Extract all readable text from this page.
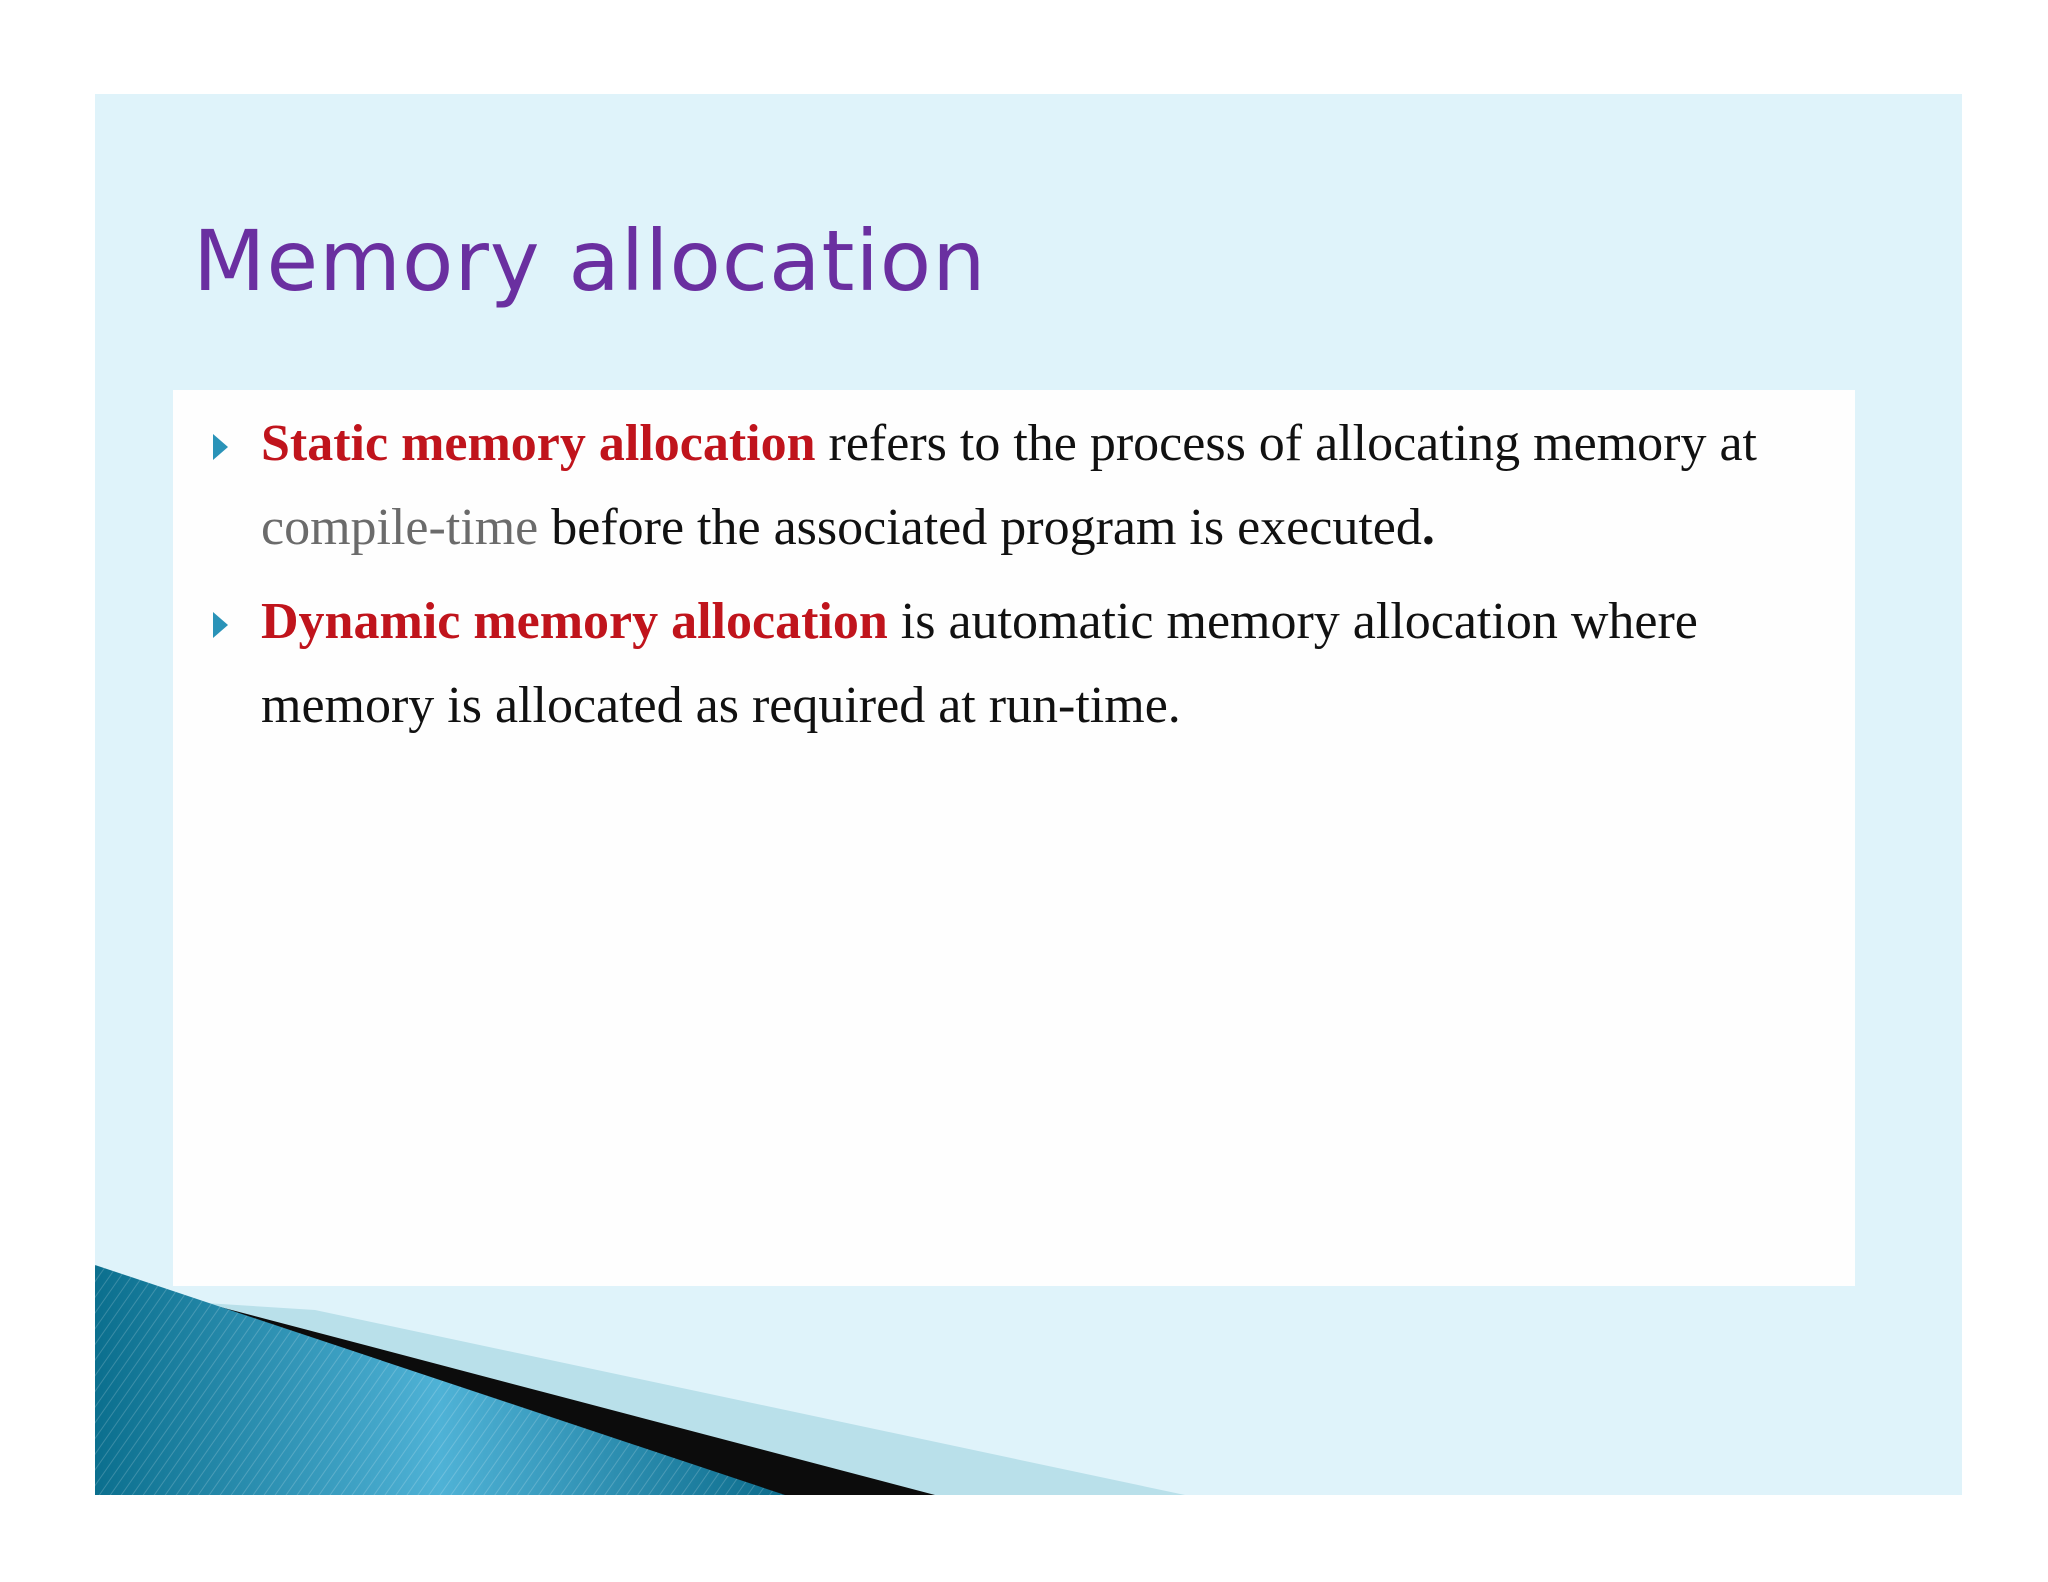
Memory allocation
Static memory allocation refers to the process of allocating memory at compile-time before the associated program is executed.
Dynamic memory allocation is automatic memory allocation where memory is allocated as required at run-time.
